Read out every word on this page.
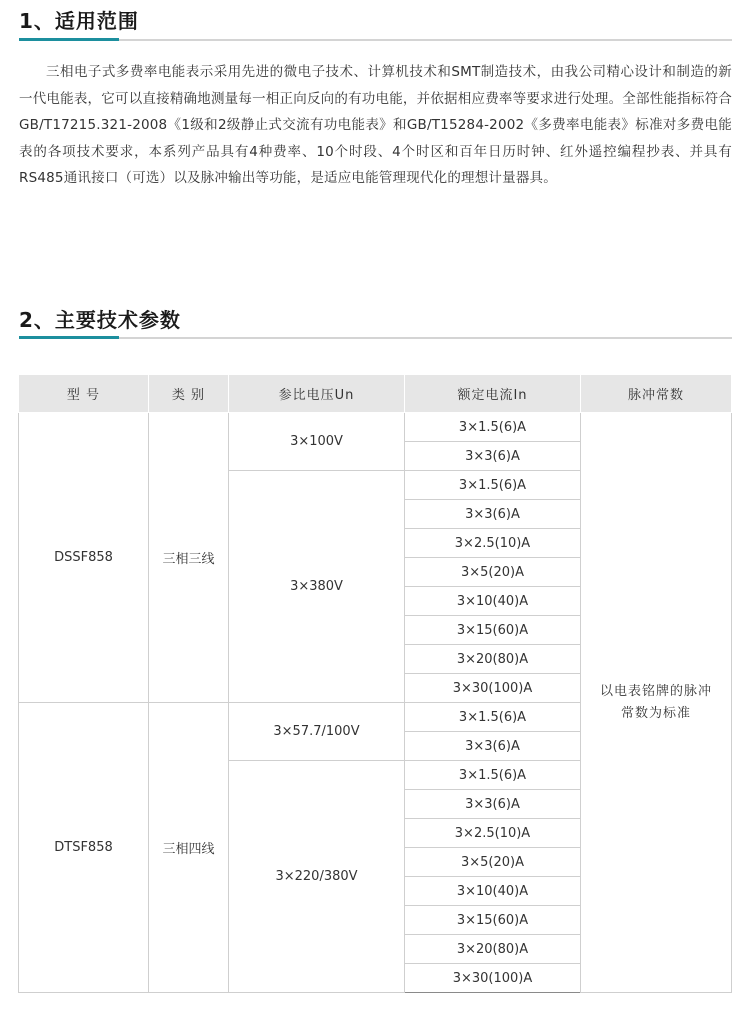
1、适用范围

三相电子式多费率电能表示采用先进的微电子技术、计算机技术和SMT制造技术，由我公司精心设计和制造的新一代电能表，它可以直接精确地测量每一相正向反向的有功电能，并依据相应费率等要求进行处理。全部性能指标符合GB/T17215.321-2008《1级和2级静止式交流有功电能表》和GB/T15284-2002《多费率电能表》标准对多费电能表的各项技术要求，本系列产品具有4种费率、10个时段、4个时区和百年日历时钟、红外遥控编程抄表、并具有RS485通讯接口（可选）以及脉冲输出等功能，是适应电能管理现代化的理想计量器具。

2、主要技术参数
型 号	类 别	参比电压Un	额定电流In	脉冲常数
DSSF858	三相三线	3×100V	3×1.5(6)A	以电表铭牌的脉冲常数为标准
			3×3(6)A	
		3×380V	3×1.5(6)A	
			3×3(6)A	
			3×2.5(10)A	
			3×5(20)A	
			3×10(40)A	
			3×15(60)A	
			3×20(80)A	
			3×30(100)A	
DTSF858	三相四线	3×57.7/100V	3×1.5(6)A	
			3×3(6)A	
		3×220/380V	3×1.5(6)A	
			3×3(6)A	
			3×2.5(10)A	
			3×5(20)A	
			3×10(40)A	
			3×15(60)A	
			3×20(80)A	
			3×30(100)A	
